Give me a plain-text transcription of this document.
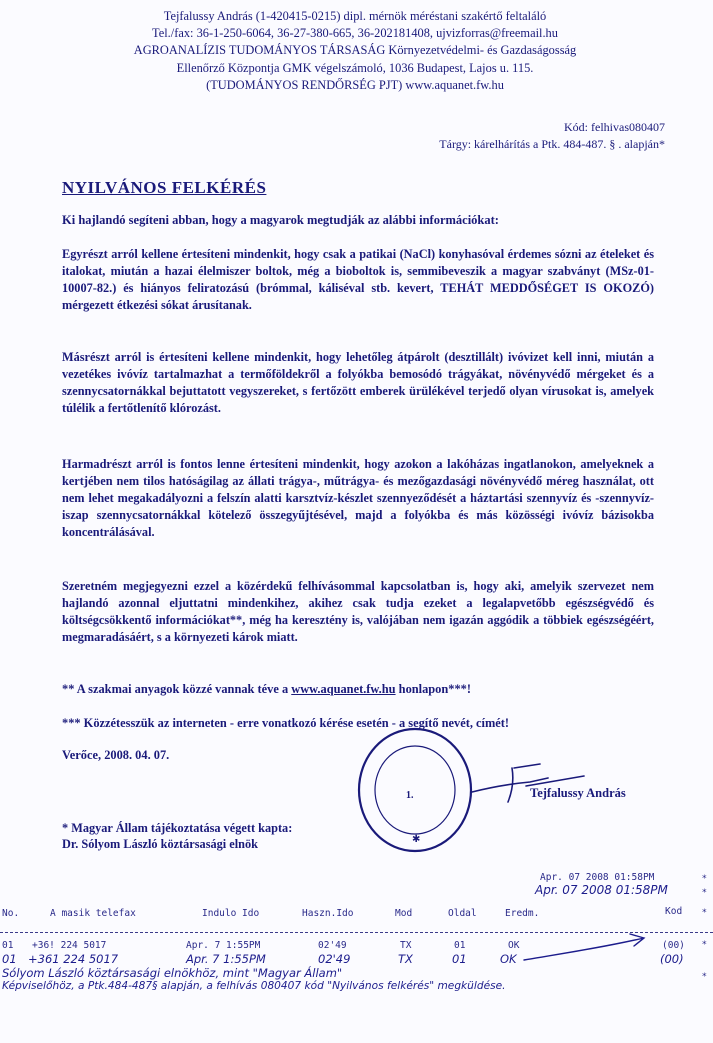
Tejfalussy András (1-420415-0215) dipl. mérnök méréstani szakértő feltaláló
Tel./fax: 36-1-250-6064, 36-27-380-665, 36-202181408, ujvizforras@freemail.hu
AGROANALÍZIS TUDOMÁNYOS TÁRSASÁG Környezetvédelmi- és Gazdaságosság
Ellenőrző Központja GMK végelszámoló, 1036 Budapest, Lajos u. 115.
(TUDOMÁNYOS RENDŐRSÉG PJT) www.aquanet.fw.hu
Kód: felhivas080407
Tárgy: kárelhárítás a Ptk. 484-487. § . alapján*
NYILVÁNOS FELKÉRÉS
Ki hajlandó segíteni abban, hogy a magyarok megtudják az alábbi információkat:
Egyrészt arról kellene értesíteni mindenkit, hogy csak a patikai (NaCl) konyhasóval érdemes sózni az ételeket és italokat, miután a hazai élelmiszer boltok, még a bioboltok is, semmibeveszik a magyar szabványt (MSz-01-10007-82.) és hiányos feliratozású (brómmal, káliséval stb. kevert, TEHÁT MEDDŐSÉGET IS OKOZÓ) mérgezett étkezési sókat árusítanak.
Másrészt arról is értesíteni kellene mindenkit, hogy lehetőleg átpárolt (desztillált) ivóvizet kell inni, miután a vezetékes ivóvíz tartalmazhat a termőföldekről a folyókba bemosódó trágyákat, növényvédő mérgeket és a szennycsatornákkal bejuttatott vegyszereket, s fertőzött emberek ürülékével terjedő olyan vírusokat is, amelyek túlélik a fertőtlenítő klórozást.
Harmadrészt arról is fontos lenne értesíteni mindenkit, hogy azokon a lakóházas ingatlanokon, amelyeknek a kertjében nem tilos hatóságilag az állati trágya-, műtrágya- és mezőgazdasági növényvédő méreg használat, ott nem lehet megakadályozni a felszín alatti karsztvíz-készlet szennyeződését a háztartási szennyvíz és -szennyvíz-iszap szennycsatornákkal kötelező összegyűjtésével, majd a folyókba és más közösségi ivóvíz bázisokba koncentrálásával.
Szeretném megjegyezni ezzel a közérdekű felhívásommal kapcsolatban is, hogy aki, amelyik szervezet nem hajlandó azonnal eljuttatni mindenkihez, akihez csak tudja ezeket a legalapvetőbb egészségvédő és költségcsökkentő információkat**, még ha keresztény is, valójában nem igazán aggódik a többiek egészségéért, megmaradásáért, s a környezeti károk miatt.
** A szakmai anyagok közzé vannak téve a www.aquanet.fw.hu honlapon***!
*** Közzétesszük az interneten - erre vonatkozó kérése esetén - a segítő nevét, címét!
Verőce, 2008. 04. 07.
1.
✱
Tejfalussy András
* Magyar Állam tájékoztatása végett kapta:
Dr. Sólyom László köztársasági elnök
Apr. 07 2008 01:58PM
Apr. 07 2008 01:58PM
*
*
No.	A masik telefax	Indulo Ido	Haszn.Ido	Mod	Oldal	Eredm.	Kod *
01 +36! 224 5017	Apr. 7 1:55PM	02'49	TX	01	OK	(00) *
01 +361 224 5017	Apr. 7 1:55PM	02'49	TX	01	OK	(00)
Sólyom László köztársasági elnökhöz, mint "Magyar Állam"
Képviselőhöz, a Ptk.484-487§ alapján, a felhívás 080407 kód "Nyilvános felkérés" megküldése.
*
